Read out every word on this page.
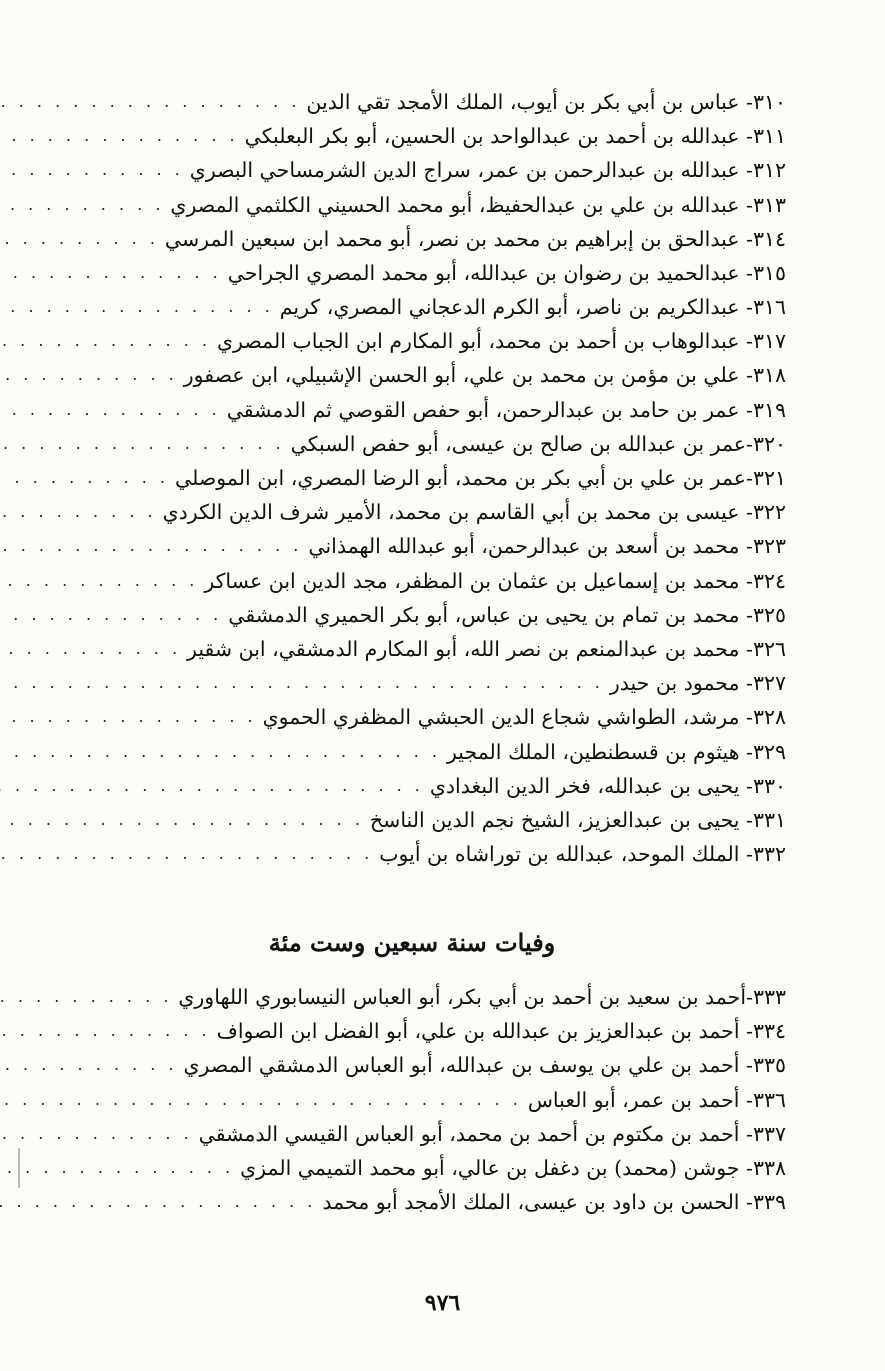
٣١٠- عباس بن أبي بكر بن أيوب، الملك الأمجد تقي الدين
. . .
٣١١- عبدالله بن أحمد بن عبدالواحد بن الحسين، أبو بكر البعلبكي
. . .
٣١٢- عبدالله بن عبدالرحمن بن عمر، سراج الدين الشرمساحي البصري
. . .
٣١٣- عبدالله بن علي بن عبدالحفيظ، أبو محمد الحسيني الكلثمي المصري
. . .
٣١٤- عبدالحق بن إبراهيم بن محمد بن نصر، أبو محمد ابن سبعين المرسي
. . .
٣١٥- عبدالحميد بن رضوان بن عبدالله، أبو محمد المصري الجراحي
. . .
٣١٦- عبدالكريم بن ناصر، أبو الكرم الدعجاني المصري، كريم
. . .
٣١٧- عبدالوهاب بن أحمد بن محمد، أبو المكارم ابن الجباب المصري
. . .
٣١٨- علي بن مؤمن بن محمد بن علي، أبو الحسن الإشبيلي، ابن عصفور
. . .
٣١٩- عمر بن حامد بن عبدالرحمن، أبو حفص القوصي ثم الدمشقي
. . .
٣٢٠-عمر بن عبدالله بن صالح بن عيسى، أبو حفص السبكي
. . .
٣٢١-عمر بن علي بن أبي بكر بن محمد، أبو الرضا المصري، ابن الموصلي
. . .
٣٢٢- عيسى بن محمد بن أبي القاسم بن محمد، الأمير شرف الدين الكردي
. . .
٣٢٣- محمد بن أسعد بن عبدالرحمن، أبو عبدالله الهمذاني
. . .
٣٢٤- محمد بن إسماعيل بن عثمان بن المظفر، مجد الدين ابن عساكر
. . .
٣٢٥- محمد بن تمام بن يحيى بن عباس، أبو بكر الحميري الدمشقي
. . .
٣٢٦- محمد بن عبدالمنعم بن نصر الله، أبو المكارم الدمشقي، ابن شقير
. . .
٣٢٧- محمود بن حيدر
. . .
٣٢٨- مرشد، الطواشي شجاع الدين الحبشي المظفري الحموي
. . .
٣٢٩- هيثوم بن قسطنطين، الملك المجير
. . .
٣٣٠- يحيى بن عبدالله، فخر الدين البغدادي
. . .
٣٣١- يحيى بن عبدالعزيز، الشيخ نجم الدين الناسخ
. . .
٣٣٢- الملك الموحد، عبدالله بن توراشاه بن أيوب
. . .
وفيات سنة سبعين وست مئة
٣٣٣-أحمد بن سعيد بن أحمد بن أبي بكر، أبو العباس النيسابوري اللهاوري
. . .
٣٣٤- أحمد بن عبدالعزيز بن عبدالله بن علي، أبو الفضل ابن الصواف
. . .
٣٣٥- أحمد بن علي بن يوسف بن عبدالله، أبو العباس الدمشقي المصري
. . .
٣٣٦- أحمد بن عمر، أبو العباس
. . .
٣٣٧- أحمد بن مكتوم بن أحمد بن محمد، أبو العباس القيسي الدمشقي
. . .
٣٣٨- جوشن (محمد) بن دغفل بن عالي، أبو محمد التميمي المزي
. . .
٣٣٩- الحسن بن داود بن عيسى، الملك الأمجد أبو محمد
. . .
٩٧٦
